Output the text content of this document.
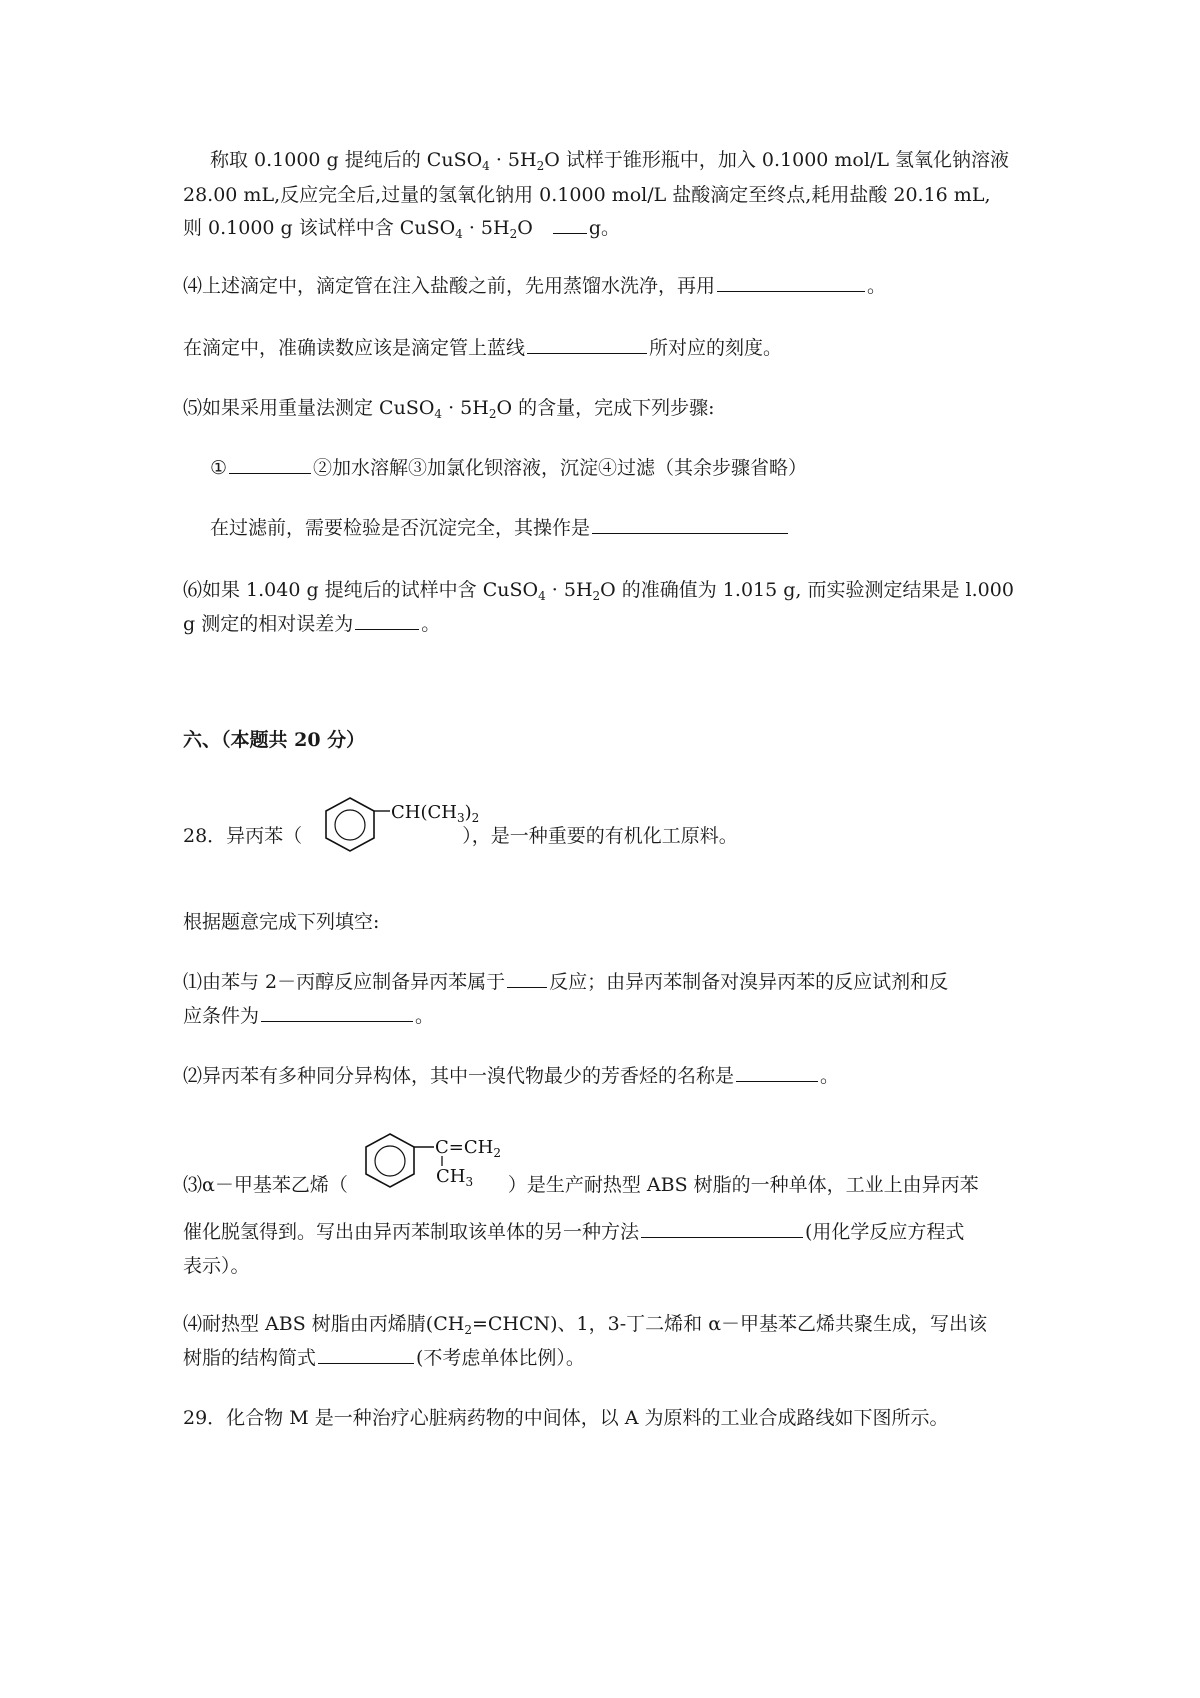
称取 0.1000 g 提纯后的 CuSO$_4$ · $5H_2O$ 试样于锥形瓶中，加入 0.1000 mol/L 氢氧化钠溶液
28.00 mL,反应完全后,过量的氢氧化钠用 0.1000 mol/L 盐酸滴定至终点,耗用盐酸 20.16 mL,
则 0.1000 g 该试样中含 CuSO$_4$ · $5H_2O$	g。
⑷上述滴定中，滴定管在注入盐酸之前，先用蒸馏水洗净，再用	。
在滴定中，准确读数应该是滴定管上蓝线	所对应的刻度。
⑸如果采用重量法测定 CuSO$_4$ · $5H_2O$ 的含量，完成下列步骤:
①	②加水溶解③加氯化钡溶液，沉淀④过滤（其余步骤省略）
在过滤前，需要检验是否沉淀完全，其操作是
⑹如果 1.040 g 提纯后的试样中含 CuSO$_4$ · $5H_2O$ 的准确值为 1.015 g, 而实验测定结果是 l.000
g 测定的相对误差为	。
六、（本题共 20 分）
$CH(CH_3)_2$
28．异丙苯（	），是一种重要的有机化工原料。
根据题意完成下列填空:
⑴由苯与 2－丙醇反应制备异丙苯属于 反应；由异丙苯制备对溴异丙苯的反应试剂和反
应条件为	。
⑵异丙苯有多种同分异构体，其中一溴代物最少的芳香烃的名称是	。
$C=CH_2$
$CH_3$
⑶α－甲基苯乙烯（	）是生产耐热型 ABS 树脂的一种单体，工业上由异丙苯
催化脱氢得到。写出由异丙苯制取该单体的另一种方法	(用化学反应方程式
表示）。
⑷耐热型 ABS 树脂由丙烯腈$(CH_2=CHCN)$、1，3-丁二烯和 α－甲基苯乙烯共聚生成，写出该
树脂的结构简式	(不考虑单体比例）。
29．化合物 M 是一种治疗心脏病药物的中间体，以 A 为原料的工业合成路线如下图所示。
